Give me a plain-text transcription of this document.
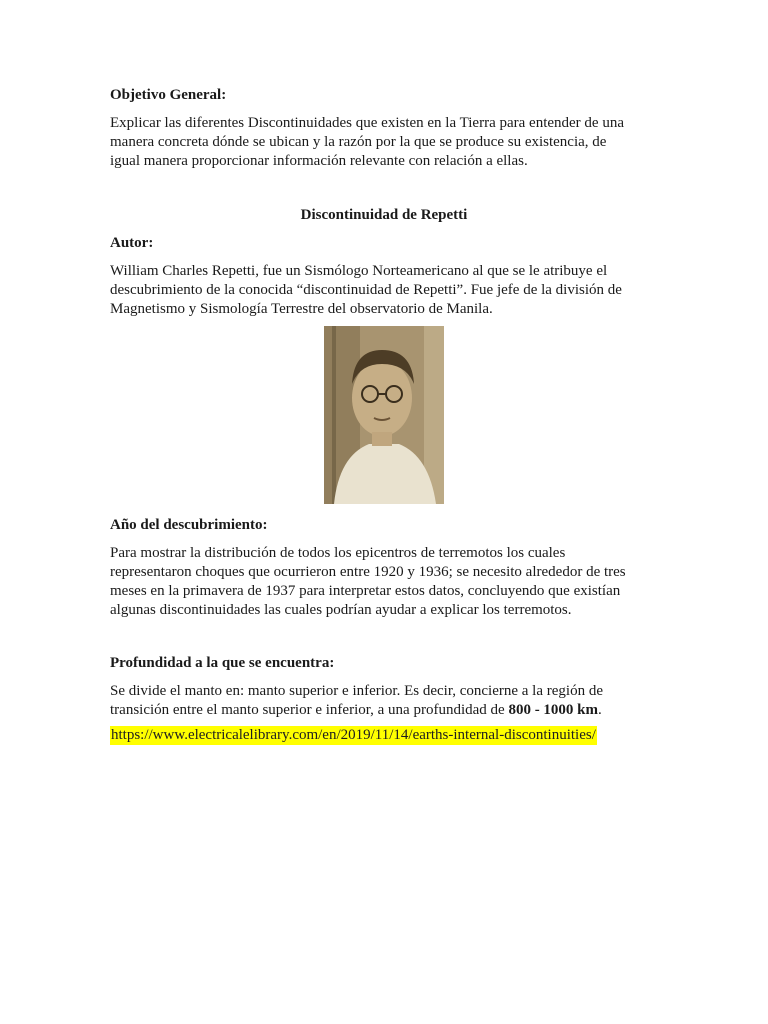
Objetivo General:

Explicar las diferentes Discontinuidades que existen en la Tierra para entender de una manera concreta dónde se ubican y la razón por la que se produce su existencia, de igual manera proporcionar información relevante con relación a ellas.

Discontinuidad de Repetti
Autor:

William Charles Repetti, fue un Sismólogo Norteamericano al que se le atribuye el descubrimiento de la conocida “discontinuidad de Repetti”. Fue jefe de la división de Magnetismo y Sismología Terrestre del observatorio de Manila.

Año del descubrimiento:

Para mostrar la distribución de todos los epicentros de terremotos los cuales representaron choques que ocurrieron entre 1920 y 1936; se necesito alrededor de tres meses en la primavera de 1937 para interpretar estos datos, concluyendo que existían algunas discontinuidades las cuales podrían ayudar a explicar los terremotos.

Profundidad a la que se encuentra:

Se divide el manto en: manto superior e inferior. Es decir, concierne a la región de transición entre el manto superior e inferior, a una profundidad de 800 - 1000 km.

https://www.electricalelibrary.com/en/2019/11/14/earths-internal-discontinuities/
